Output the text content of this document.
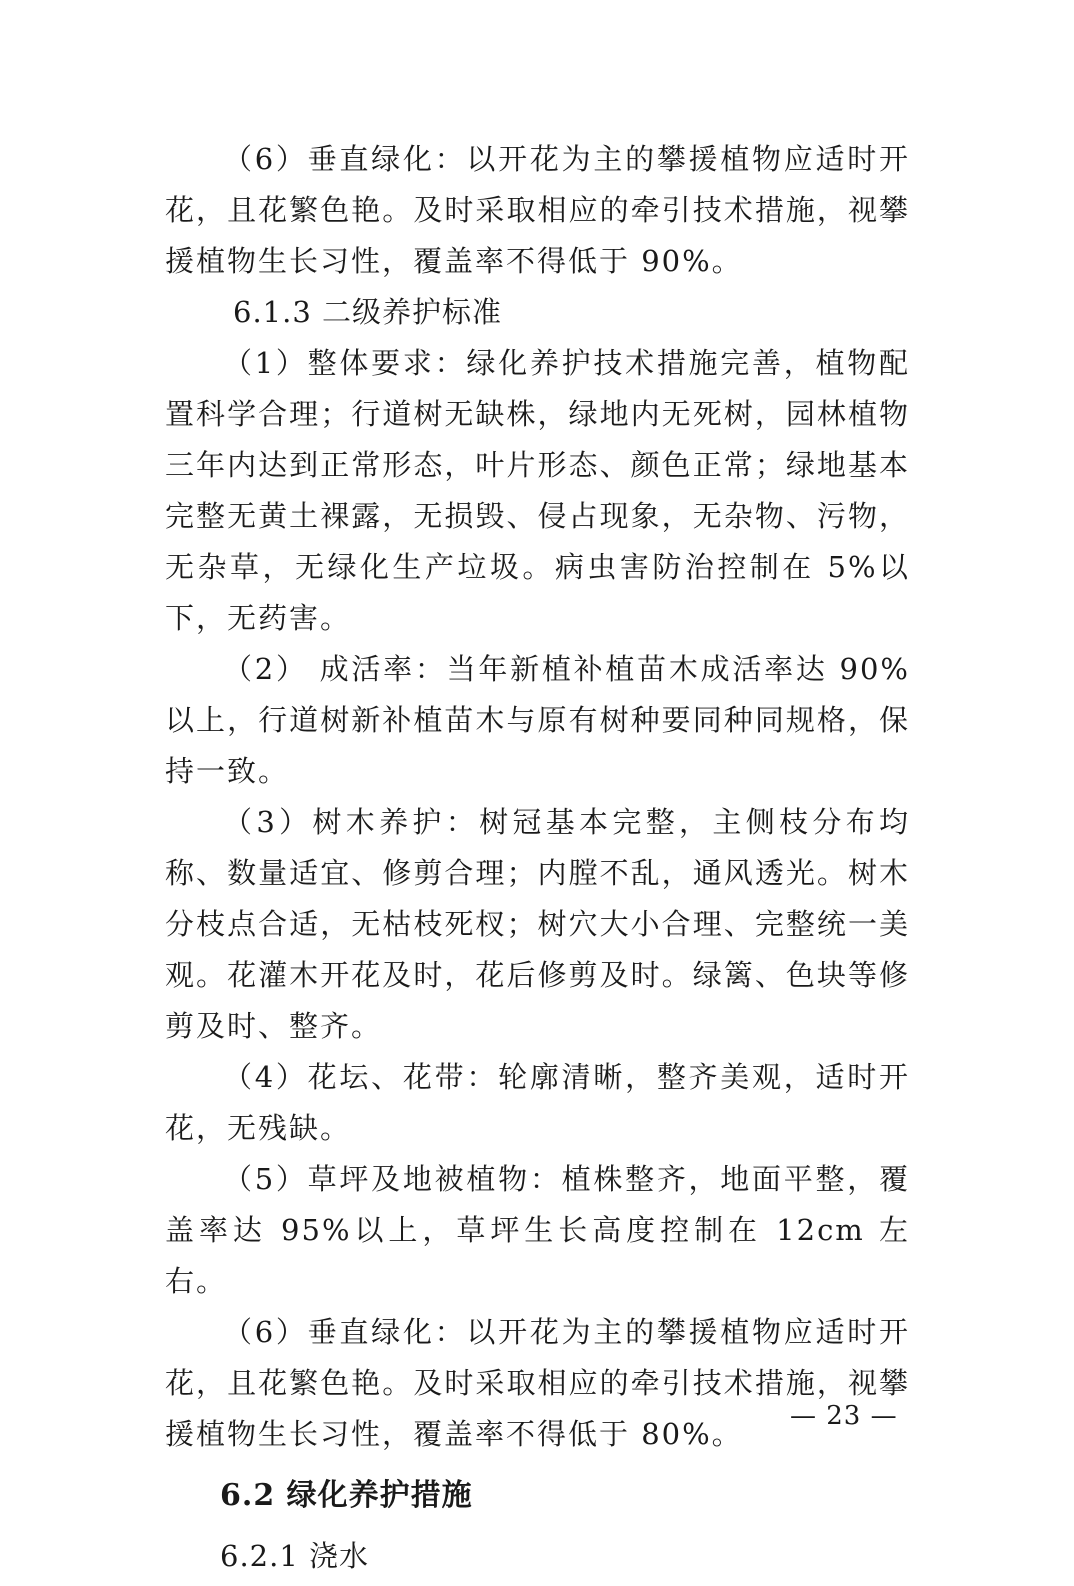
（6）垂直绿化：以开花为主的攀援植物应适时开花，且花繁色艳。及时采取相应的牵引技术措施，视攀援植物生长习性，覆盖率不得低于 90%。

6.1.3 二级养护标准

（1）整体要求：绿化养护技术措施完善，植物配置科学合理；行道树无缺株，绿地内无死树，园林植物三年内达到正常形态，叶片形态、颜色正常；绿地基本完整无黄土裸露，无损毁、侵占现象，无杂物、污物，无杂草，无绿化生产垃圾。病虫害防治控制在 5%以下，无药害。

（2） 成活率：当年新植补植苗木成活率达 90%以上，行道树新补植苗木与原有树种要同种同规格，保持一致。

（3）树木养护：树冠基本完整，主侧枝分布均称、数量适宜、修剪合理；内膛不乱，通风透光。树木分枝点合适，无枯枝死杈；树穴大小合理、完整统一美观。花灌木开花及时，花后修剪及时。绿篱、色块等修剪及时、整齐。

（4）花坛、花带：轮廓清晰，整齐美观，适时开花，无残缺。

（5）草坪及地被植物：植株整齐，地面平整，覆盖率达 95%以上，草坪生长高度控制在 12cm 左右。

（6）垂直绿化：以开花为主的攀援植物应适时开花，且花繁色艳。及时采取相应的牵引技术措施，视攀援植物生长习性，覆盖率不得低于 80%。

6.2 绿化养护措施

6.2.1 浇水

— 23 —
